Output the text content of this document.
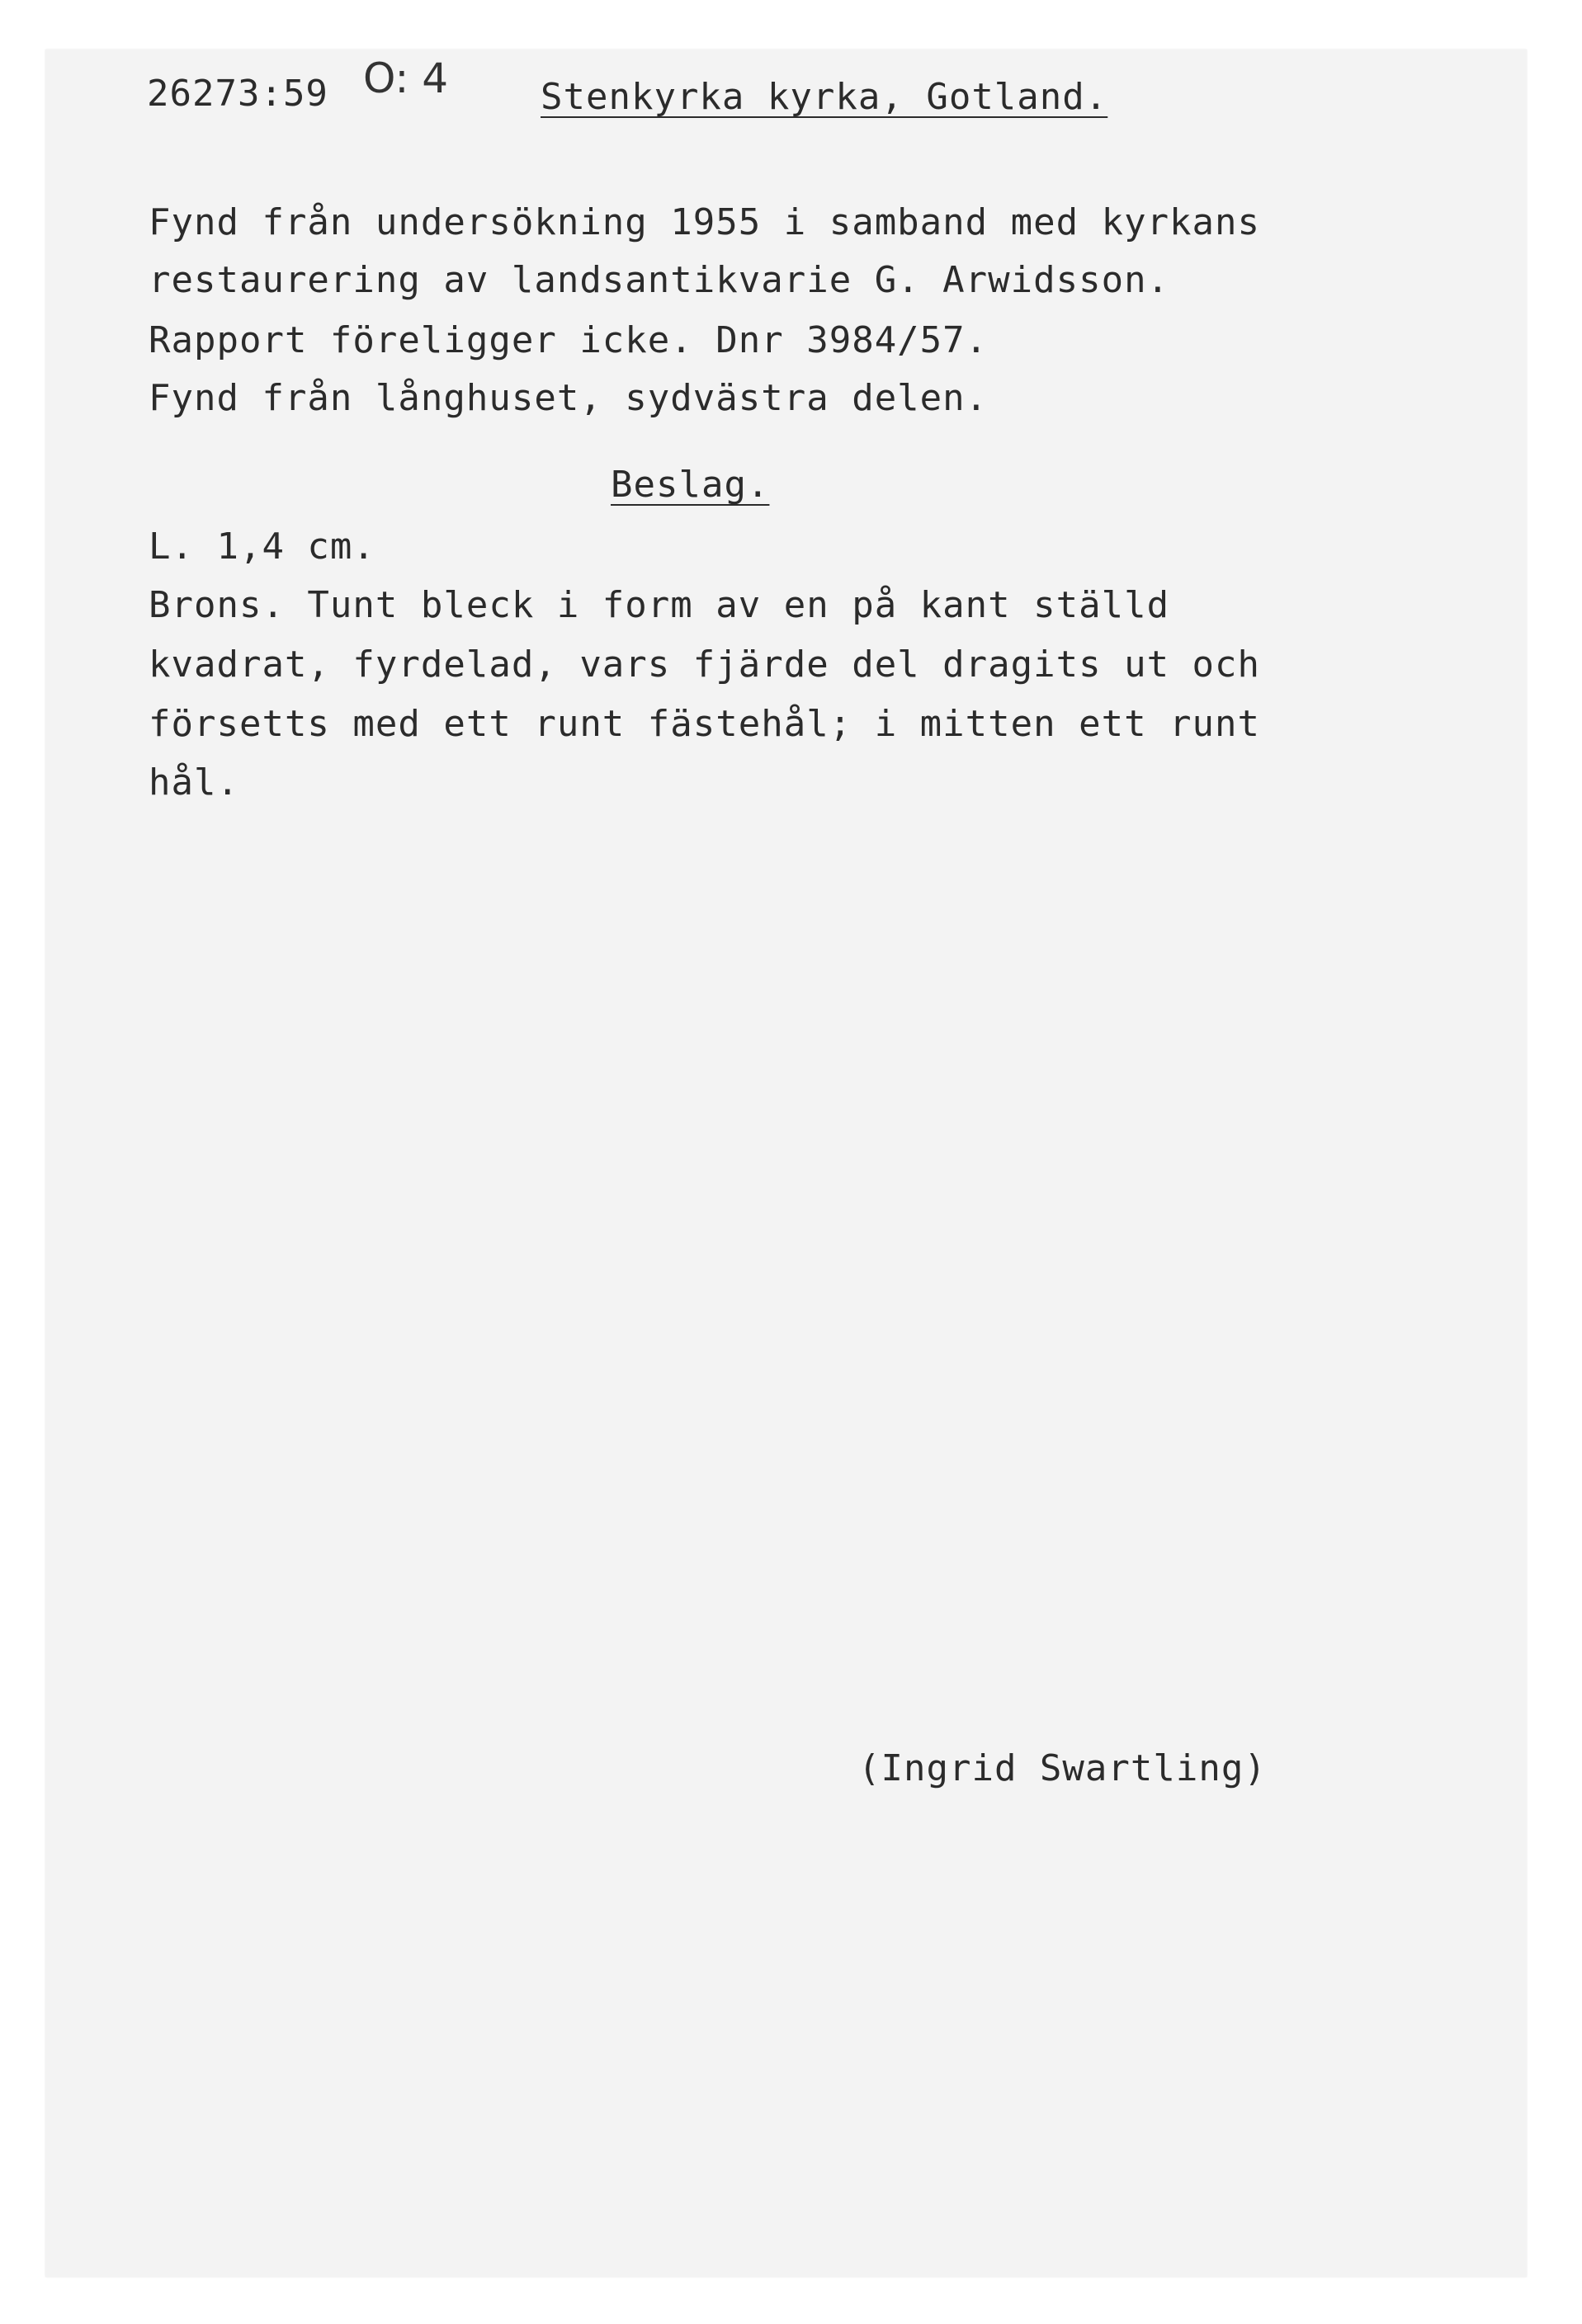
26273:59 O: 4	Stenkyrka kyrka, Gotland.
Fynd från undersökning 1955 i samband med kyrkans
restaurering av landsantikvarie G. Arwidsson.
Rapport föreligger icke. Dnr 3984/57.
Fynd från långhuset, sydvästra delen.
Beslag.
L. 1,4 cm.
Brons. Tunt bleck i form av en på kant ställd
kvadrat, fyrdelad, vars fjärde del dragits ut och
försetts med ett runt fästehål; i mitten ett runt
hål.
(Ingrid Swartling)
